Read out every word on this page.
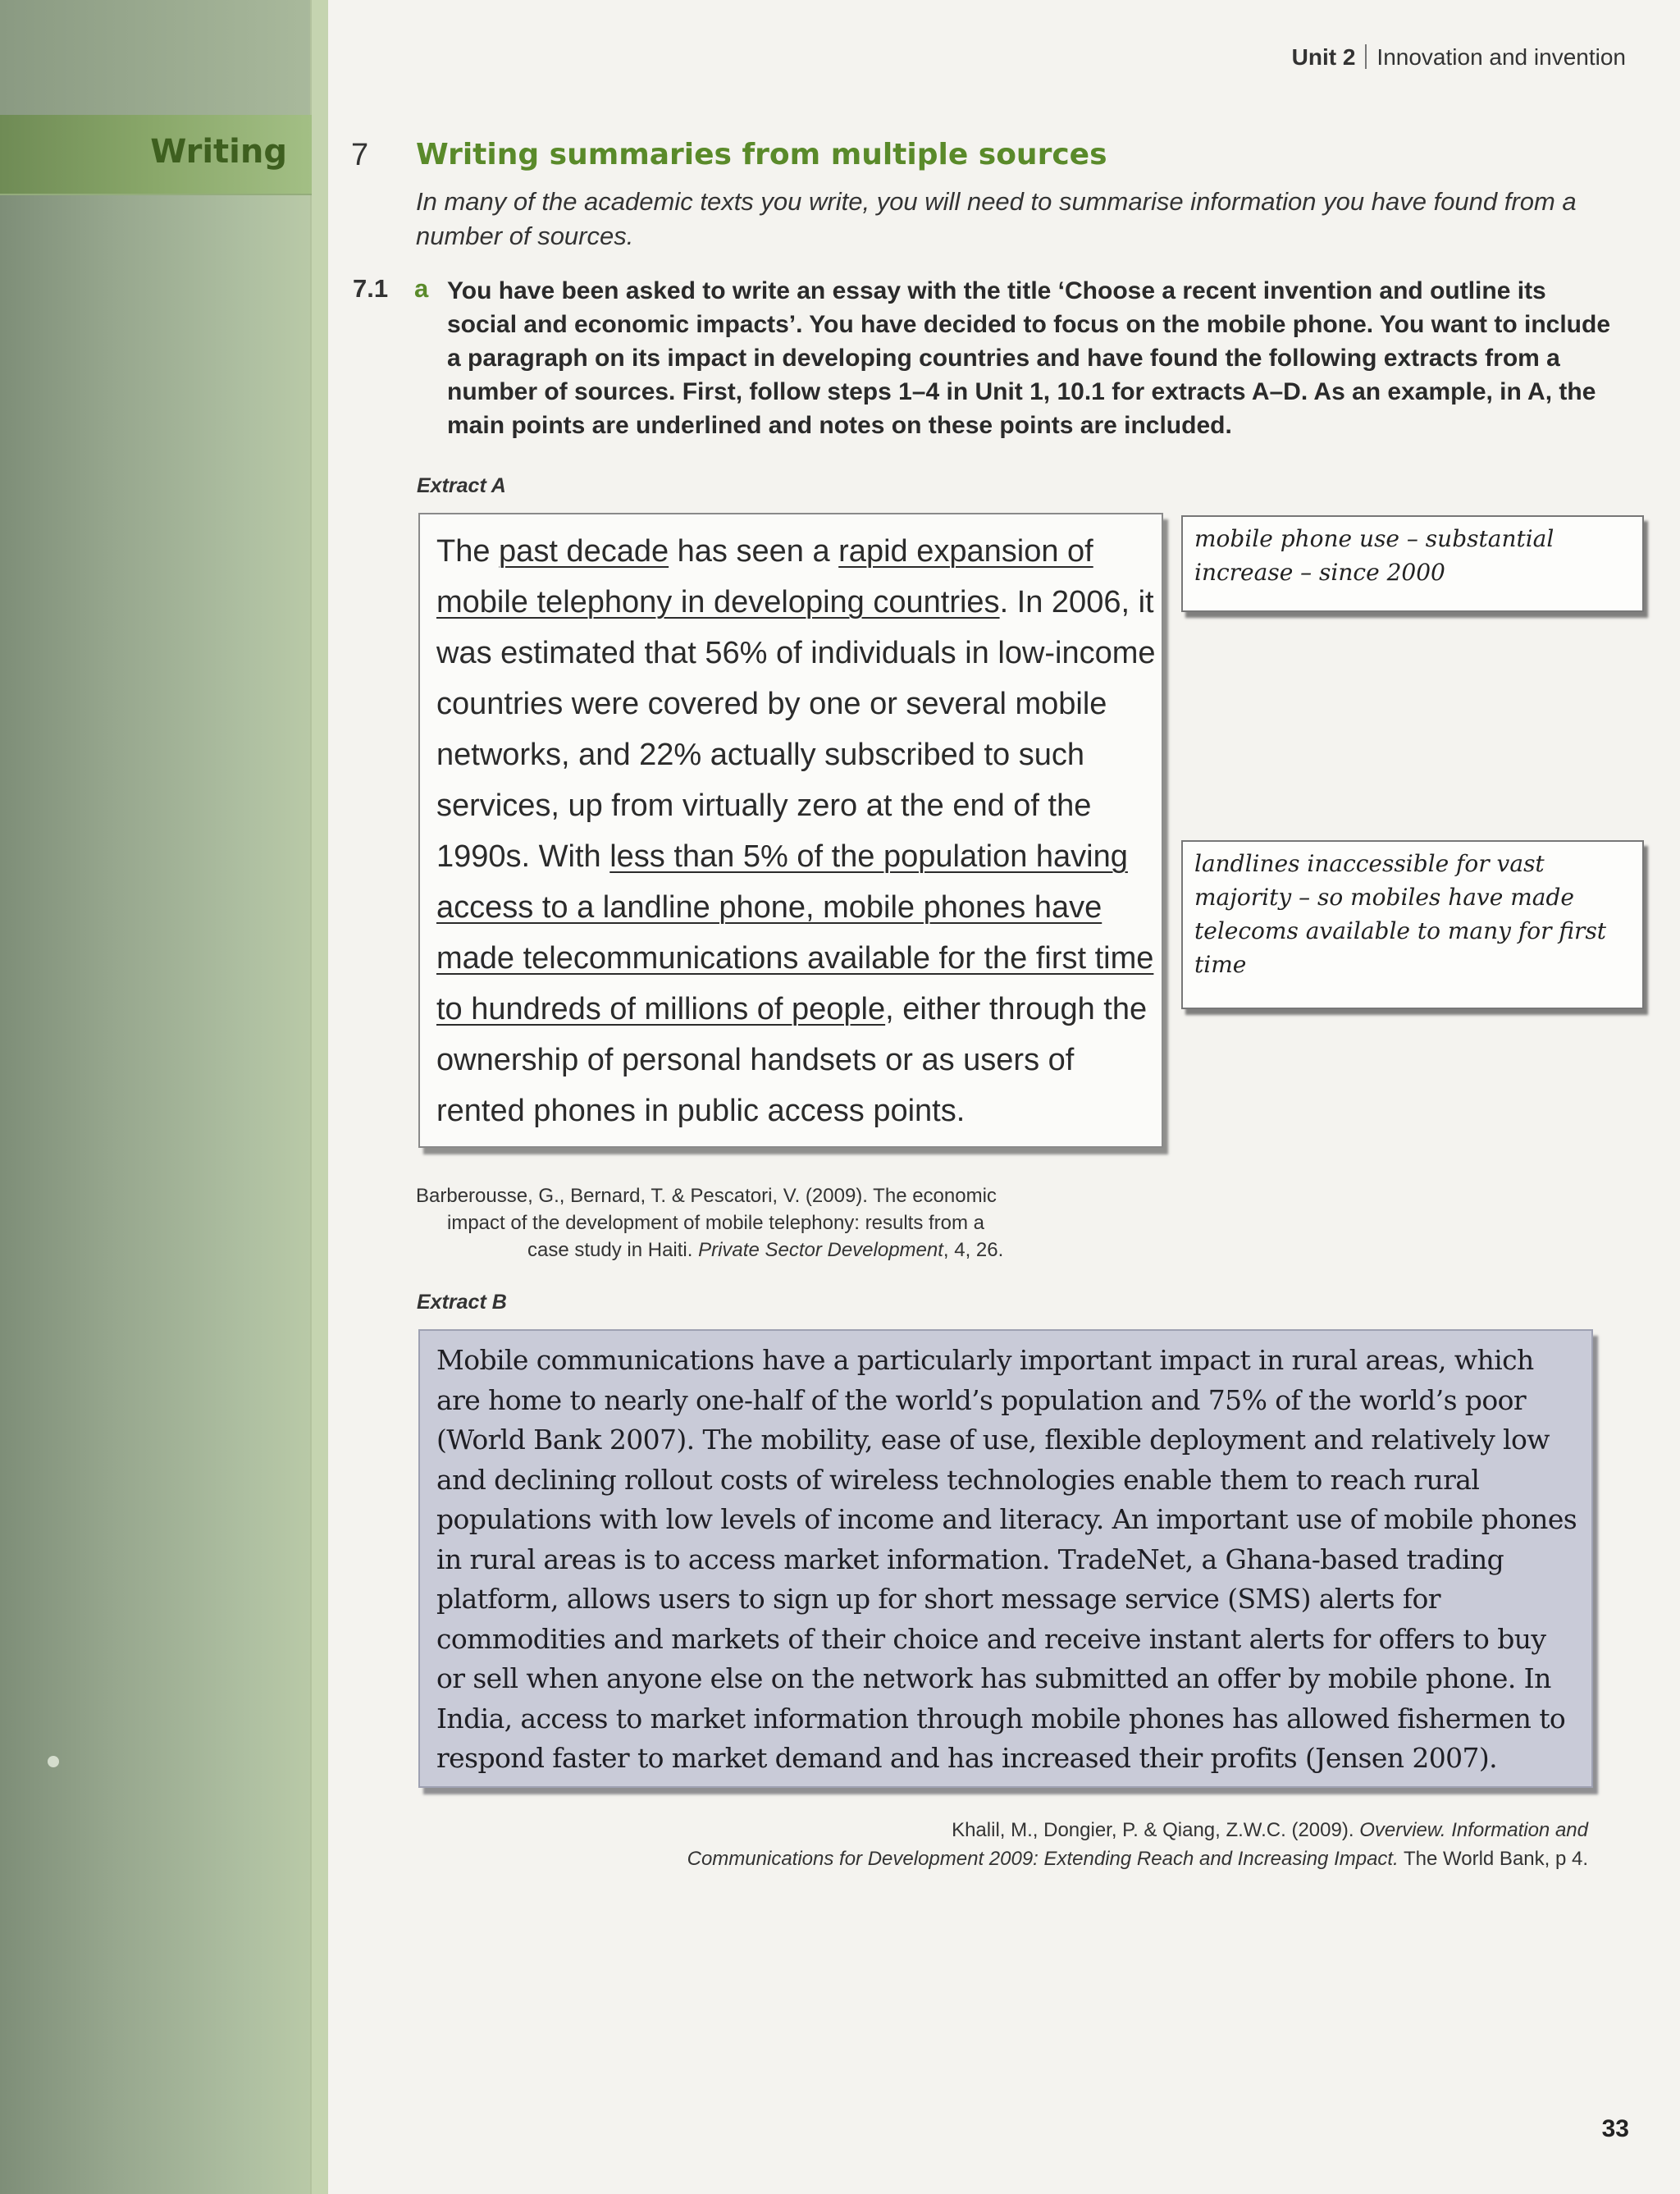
Writing
Unit 2 Innovation and invention
7 Writing summaries from multiple sources
In many of the academic texts you write, you will need to summarise information you have found from a number of sources.
7.1 a You have been asked to write an essay with the title ‘Choose a recent invention and outline its social and economic impacts’. You have decided to focus on the mobile phone. You want to include a paragraph on its impact in developing countries and have found the following extracts from a number of sources. First, follow steps 1–4 in Unit 1, 10.1 for extracts A–D. As an example, in A, the main points are underlined and notes on these points are included.
Extract A

The past decade has seen a rapid expansion of mobile telephony in developing countries. In 2006, it was estimated that 56% of individuals in low-income countries were covered by one or several mobile networks, and 22% actually subscribed to such services, up from virtually zero at the end of the 1990s. With less than 5% of the population having access to a landline phone, mobile phones have made telecommunications available for the first time to hundreds of millions of people, either through the ownership of personal handsets or as users of rented phones in public access points.

mobile phone use – substantial increase – since 2000
landlines inaccessible for vast majority – so mobiles have made telecoms available to many for first time
Barberousse, G., Bernard, T. & Pescatori, V. (2009). The economic
impact of the development of mobile telephony: results from a
case study in Haiti. Private Sector Development, 4, 26.
Extract B

Mobile communications have a particularly important impact in rural areas, which are home to nearly one-half of the world’s population and 75% of the world’s poor (World Bank 2007). The mobility, ease of use, flexible deployment and relatively low and declining rollout costs of wireless technologies enable them to reach rural populations with low levels of income and literacy. An important use of mobile phones in rural areas is to access market information. TradeNet, a Ghana-based trading platform, allows users to sign up for short message service (SMS) alerts for commodities and markets of their choice and receive instant alerts for offers to buy or sell when anyone else on the network has submitted an offer by mobile phone. In India, access to market information through mobile phones has allowed fishermen to respond faster to market demand and has increased their profits (Jensen 2007).

Khalil, M., Dongier, P. & Qiang, Z.W.C. (2009). Overview. Information and
Communications for Development 2009: Extending Reach and Increasing Impact. The World Bank, p 4.
33
